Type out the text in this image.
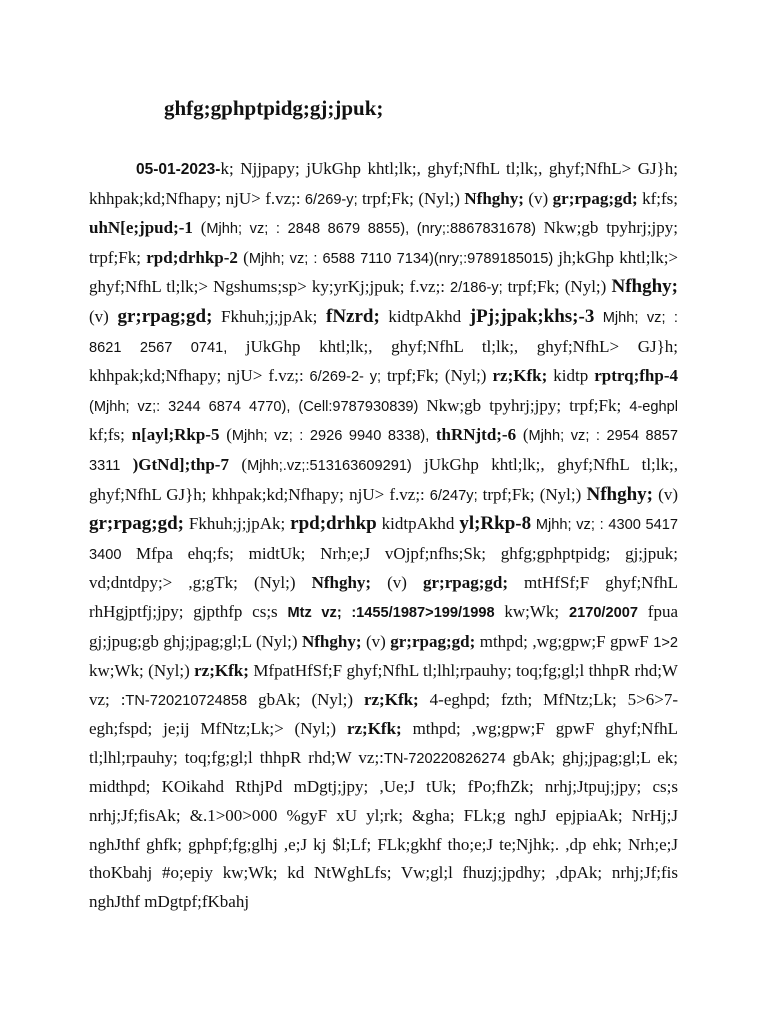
ghfg;gphptpidg;gj;jpuk;

05-01-2023-k; Njjpapy; jUkGhp khtl;lk;, ghyf;NfhL tl;lk;, ghyf;NfhL> GJ}h; khhpak;kd;Nfhapy; njU> f.vz;: 6/269-y; trpf;Fk; (Nyl;) Nfhghy; (v) gr;rpag;gd; kf;fs; uhN[e;jpud;-1 (Mjhh; vz; : 2848 8679 8855), (nry;:8867831678) Nkw;gb tpyhrj;jpy; trpf;Fk; rpd;drhkp-2 (Mjhh; vz; : 6588 7110 7134)(nry;:9789185015) jh;kGhp khtl;lk;> ghyf;NfhL tl;lk;> Ngshums;sp> ky;yrKj;jpuk; f.vz;: 2/186-y; trpf;Fk; (Nyl;) Nfhghy; (v) gr;rpag;gd; Fkhuh;j;jpAk; fNzrd; kidtpAkhd jPj;jpak;khs;-3 Mjhh; vz; : 8621 2567 0741, jUkGhp khtl;lk;, ghyf;NfhL tl;lk;, ghyf;NfhL> GJ}h; khhpak;kd;Nfhapy; njU> f.vz;: 6/269-2- y; trpf;Fk; (Nyl;) rz;Kfk; kidtp rptrq;fhp-4 (Mjhh; vz;: 3244 6874 4770), (Cell:9787930839) Nkw;gb tpyhrj;jpy; trpf;Fk; 4-eghpl kf;fs; n[ayl;Rkp-5 (Mjhh; vz; : 2926 9940 8338), thRNjtd;-6 (Mjhh; vz; : 2954 8857 3311 )GtNd];thp-7 (Mjhh;.vz;:513163609291) jUkGhp khtl;lk;, ghyf;NfhL tl;lk;, ghyf;NfhL GJ}h; khhpak;kd;Nfhapy; njU> f.vz;: 6/247y; trpf;Fk; (Nyl;) Nfhghy; (v) gr;rpag;gd; Fkhuh;j;jpAk; rpd;drhkp kidtpAkhd yl;Rkp-8 Mjhh; vz; : 4300 5417 3400 Mfpa ehq;fs; midtUk; Nrh;e;J vOjpf;nfhs;Sk; ghfg;gphptpidg; gj;jpuk; vd;dntdpy;> ,g;gTk; (Nyl;) Nfhghy; (v) gr;rpag;gd; mtHfSf;F ghyf;NfhL rhHgjptfj;jpy; gjpthfp cs;s Mtz vz; :1455/1987>199/1998 kw;Wk; 2170/2007 fpua gj;jpug;gb ghj;jpag;gl;L (Nyl;) Nfhghy; (v) gr;rpag;gd; mthpd; ,wg;gpw;F gpwF 1>2 kw;Wk; (Nyl;) rz;Kfk; MfpatHfSf;F ghyf;NfhL tl;lhl;rpauhy; toq;fg;gl;l thhpR rhd;W vz; :TN-720210724858 gbAk; (Nyl;) rz;Kfk; 4-eghpd; fzth; MfNtz;Lk; 5>6>7-egh;fspd; je;ij MfNtz;Lk;> (Nyl;) rz;Kfk; mthpd; ,wg;gpw;F gpwF ghyf;NfhL tl;lhl;rpauhy; toq;fg;gl;l thhpR rhd;W vz;:TN-720220826274 gbAk; ghj;jpag;gl;L ek; midthpd; KOikahd RthjPd mDgtj;jpy; ,Ue;J tUk; fPo;fhZk; nrhj;Jtpuj;jpy; cs;s nrhj;Jf;fisAk; &.1>00>000 %gyF xU yl;rk; &gha; FLk;g nghJ epjpiaAk; NrHj;J nghJthf ghfk; gphpf;fg;glhj ,e;J kj $l;Lf; FLk;gkhf tho;e;J te;Njhk;. ,dp ehk; Nrh;e;J thoKbahj #o;epiy kw;Wk; kd NtWghLfs; Vw;gl;l fhuzj;jpdhy; ,dpAk; nrhj;Jf;fis nghJthf mDgtpf;fKbahj
